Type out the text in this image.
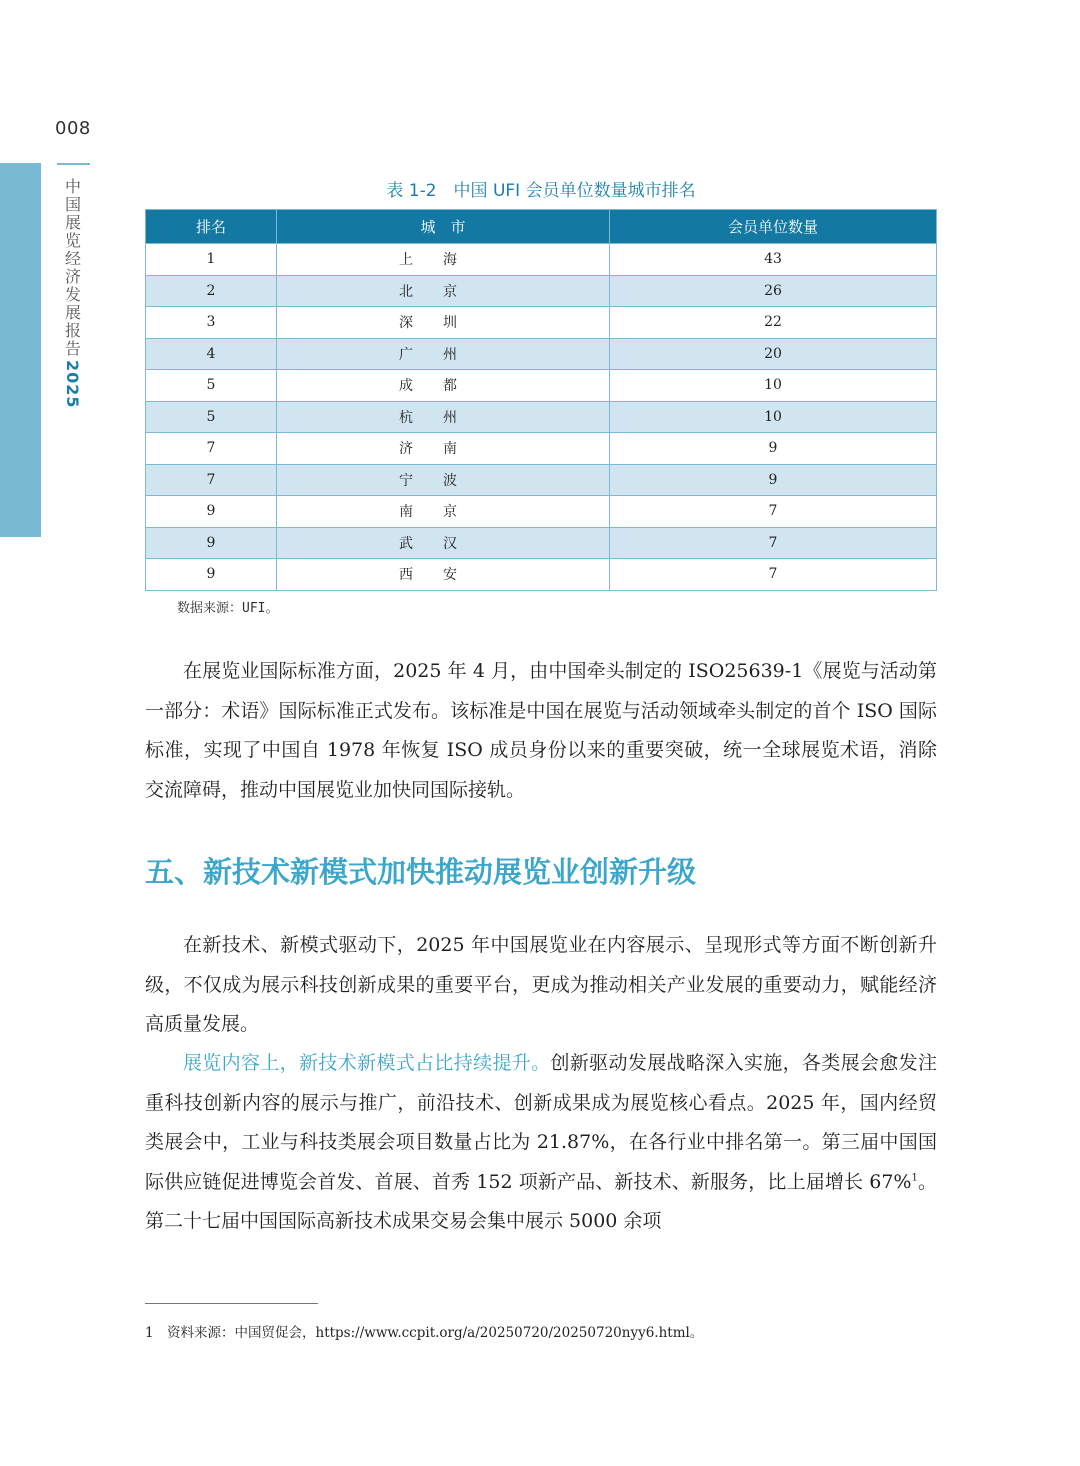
008
中
国
展
览
经
济
发
展
报
告
2025
表 1-2　中国 UFI 会员单位数量城市排名
排名	城　市	会员单位数量
1	上海	43
2	北京	26
3	深圳	22
4	广州	20
5	成都	10
5	杭州	10
7	济南	9
7	宁波	9
9	南京	7
9	武汉	7
9	西安	7
数据来源：UFI。

在展览业国际标准方面，2025 年 4 月，由中国牵头制定的 ISO25639-1《展览与活动第一部分：术语》国际标准正式发布。该标准是中国在展览与活动领域牵头制定的首个 ISO 国际标准，实现了中国自 1978 年恢复 ISO 成员身份以来的重要突破，统一全球展览术语，消除交流障碍，推动中国展览业加快同国际接轨。

五、新技术新模式加快推动展览业创新升级

在新技术、新模式驱动下，2025 年中国展览业在内容展示、呈现形式等方面不断创新升级，不仅成为展示科技创新成果的重要平台，更成为推动相关产业发展的重要动力，赋能经济高质量发展。

展览内容上，新技术新模式占比持续提升。创新驱动发展战略深入实施，各类展会愈发注重科技创新内容的展示与推广，前沿技术、创新成果成为展览核心看点。2025 年，国内经贸类展会中，工业与科技类展会项目数量占比为 21.87%，在各行业中排名第一。第三届中国国际供应链促进博览会首发、首展、首秀 152 项新产品、新技术、新服务，比上届增长 67%$^1$。第二十七届中国国际高新技术成果交易会集中展示 5000 余项

1 资料来源：中国贸促会，https://www.ccpit.org/a/20250720/20250720nyy6.html。
